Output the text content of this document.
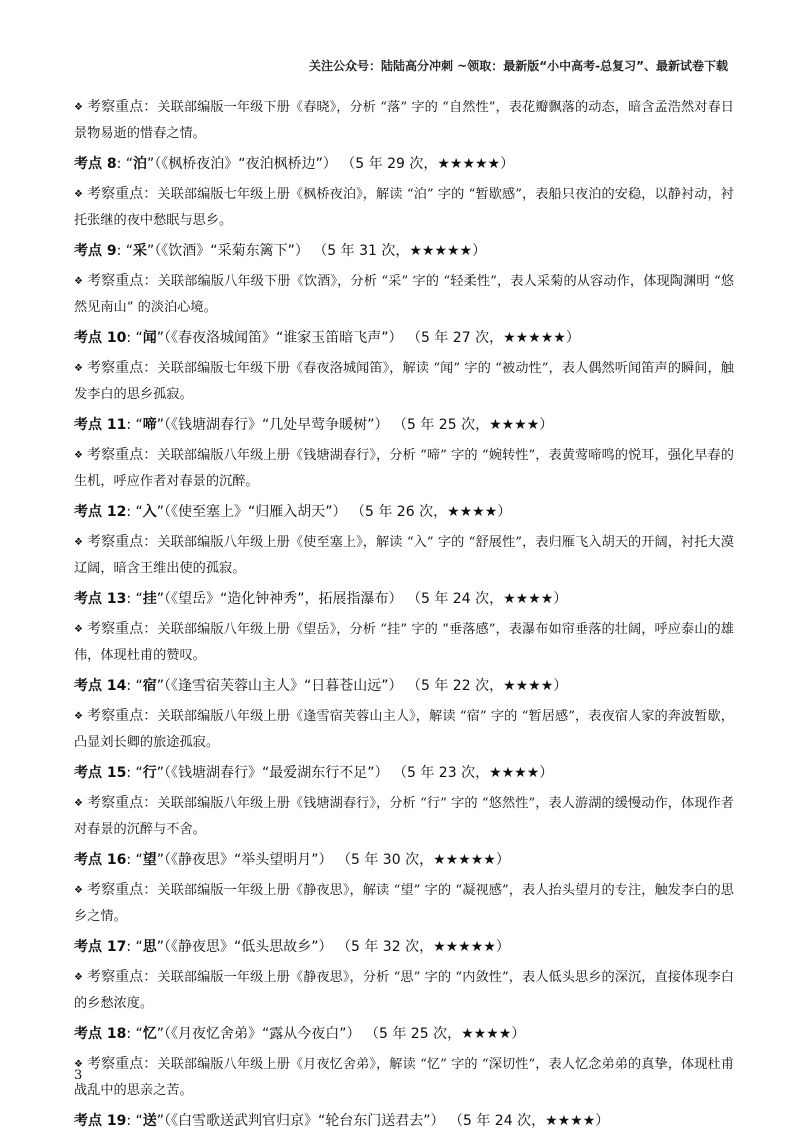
关注公众号：陆陆高分冲刺 ~领取：最新版“小中高考-总复习”、最新试卷下载
❖ 考察重点：关联部编版一年级下册《春晓》，分析 “落” 字的 “自然性”，表花瓣飘落的动态，暗含孟浩然对春日景物易逝的惜春之情。
考点 8: “泊”（《枫桥夜泊》“夜泊枫桥边”） （5 年 29 次，★★★★★）
❖ 考察重点：关联部编版七年级上册《枫桥夜泊》，解读 “泊” 字的 “暂歇感”，表船只夜泊的安稳，以静衬动，衬托张继的夜中愁眠与思乡。
考点 9: “采”（《饮酒》“采菊东篱下”） （5 年 31 次，★★★★★）
❖ 考察重点：关联部编版八年级下册《饮酒》，分析 “采” 字的 “轻柔性”，表人采菊的从容动作，体现陶渊明 “悠然见南山” 的淡泊心境。
考点 10: “闻”（《春夜洛城闻笛》“谁家玉笛暗飞声”） （5 年 27 次，★★★★★）
❖ 考察重点：关联部编版七年级下册《春夜洛城闻笛》，解读 “闻” 字的 “被动性”，表人偶然听闻笛声的瞬间，触发李白的思乡孤寂。
考点 11: “啼”（《钱塘湖春行》“几处早莺争暖树”） （5 年 25 次，★★★★）
❖ 考察重点：关联部编版八年级上册《钱塘湖春行》，分析 “啼” 字的 “婉转性”，表黄莺啼鸣的悦耳，强化早春的生机，呼应作者对春景的沉醉。
考点 12: “入”（《使至塞上》“归雁入胡天”） （5 年 26 次，★★★★）
❖ 考察重点：关联部编版八年级上册《使至塞上》，解读 “入” 字的 “舒展性”，表归雁飞入胡天的开阔，衬托大漠辽阔，暗含王维出使的孤寂。
考点 13: “挂”（《望岳》“造化钟神秀”，拓展指瀑布） （5 年 24 次，★★★★）
❖ 考察重点：关联部编版八年级上册《望岳》，分析 “挂” 字的 “垂落感”，表瀑布如帘垂落的壮阔，呼应泰山的雄伟，体现杜甫的赞叹。
考点 14: “宿”（《逢雪宿芙蓉山主人》“日暮苍山远”） （5 年 22 次，★★★★）
❖ 考察重点：关联部编版八年级上册《逢雪宿芙蓉山主人》，解读 “宿” 字的 “暂居感”，表夜宿人家的奔波暂歇，凸显刘长卿的旅途孤寂。
考点 15: “行”（《钱塘湖春行》“最爱湖东行不足”） （5 年 23 次，★★★★）
❖ 考察重点：关联部编版八年级上册《钱塘湖春行》，分析 “行” 字的 “悠然性”，表人游湖的缓慢动作，体现作者对春景的沉醉与不舍。
考点 16: “望”（《静夜思》“举头望明月”） （5 年 30 次，★★★★★）
❖ 考察重点：关联部编版一年级上册《静夜思》，解读 “望” 字的 “凝视感”，表人抬头望月的专注，触发李白的思乡之情。
考点 17: “思”（《静夜思》“低头思故乡”） （5 年 32 次，★★★★★）
❖ 考察重点：关联部编版一年级上册《静夜思》，分析 “思” 字的 “内敛性”，表人低头思乡的深沉，直接体现李白的乡愁浓度。
考点 18: “忆”（《月夜忆舍弟》“露从今夜白”） （5 年 25 次，★★★★）
❖ 考察重点：关联部编版八年级上册《月夜忆舍弟》，解读 “忆” 字的 “深切性”，表人忆念弟弟的真挚，体现杜甫战乱中的思亲之苦。
考点 19: “送”（《白雪歌送武判官归京》“轮台东门送君去”） （5 年 24 次，★★★★）
3
